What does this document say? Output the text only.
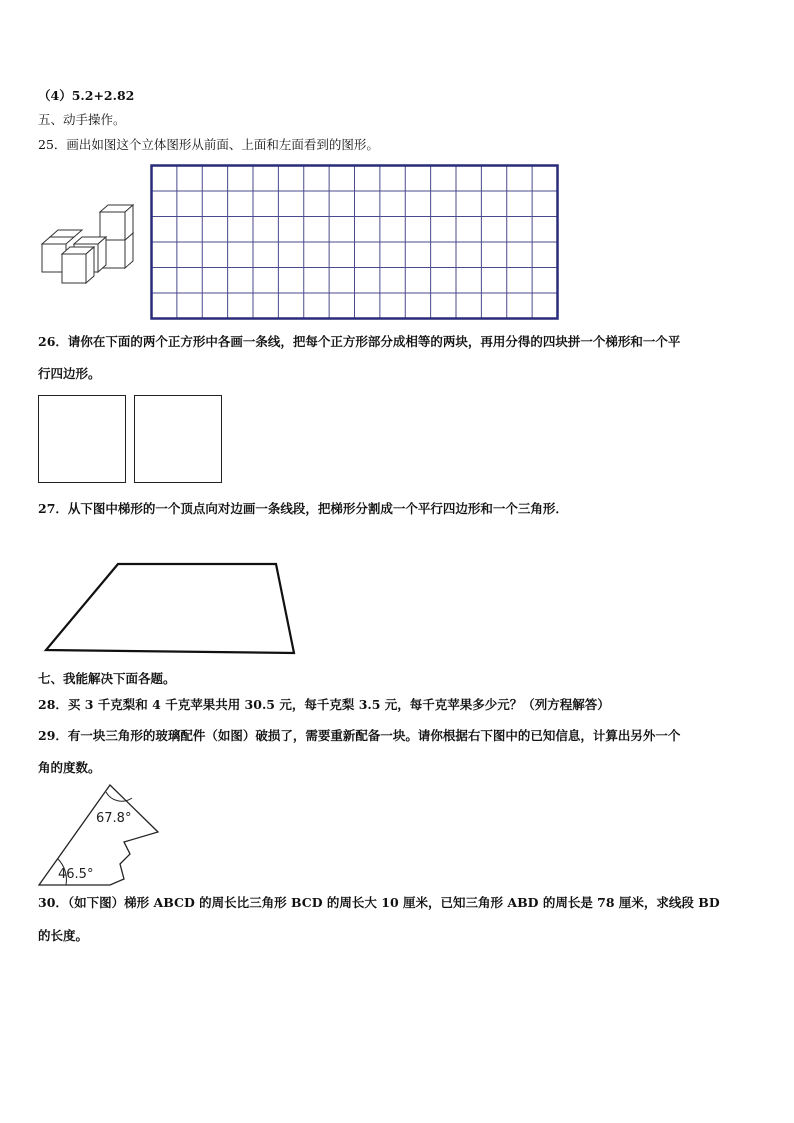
（4）5.2+2.82
五、动手操作。
25．画出如图这个立体图形从前面、上面和左面看到的图形。
26．请你在下面的两个正方形中各画一条线，把每个正方形部分成相等的两块，再用分得的四块拼一个梯形和一个平
行四边形。
27．从下图中梯形的一个顶点向对边画一条线段，把梯形分割成一个平行四边形和一个三角形．
七、我能解决下面各题。
28．买 3 千克梨和 4 千克苹果共用 30.5 元，每千克梨 3.5 元，每千克苹果多少元？（列方程解答）
29．有一块三角形的玻璃配件（如图）破损了，需要重新配备一块。请你根据右下图中的已知信息，计算出另外一个
角的度数。
67.8°
46.5°
30．（如下图）梯形 ABCD 的周长比三角形 BCD 的周长大 10 厘米，已知三角形 ABD 的周长是 78 厘米，求线段 BD
的长度。
